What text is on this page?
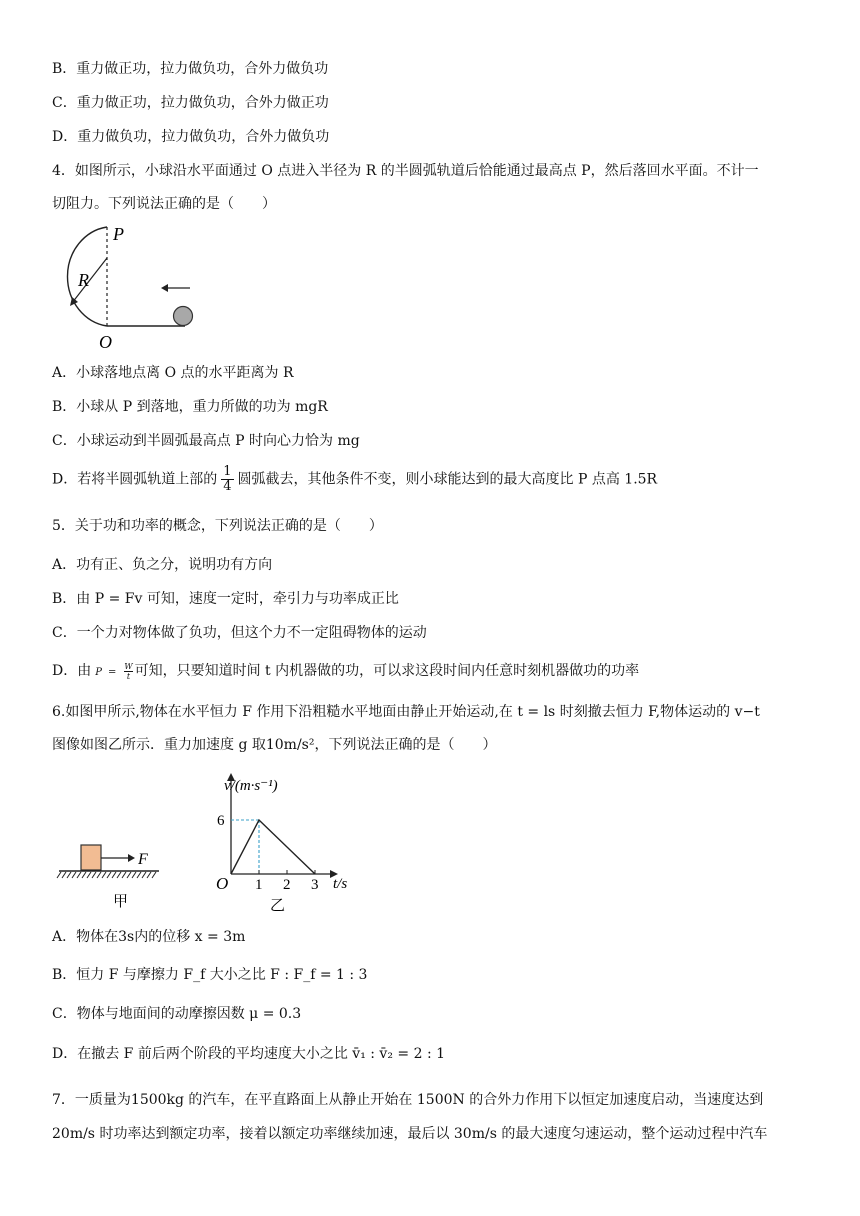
B．重力做正功，拉力做负功，合外力做负功
C．重力做正功，拉力做负功，合外力做正功
D．重力做负功，拉力做负功，合外力做负功
4．如图所示，小球沿水平面通过 O 点进入半径为 R 的半圆弧轨道后恰能通过最高点 P，然后落回水平面。不计一
切阻力。下列说法正确的是（　　）
P
R
O
A．小球落地点离 O 点的水平距离为 R
B．小球从 P 到落地，重力所做的功为 mgR
C．小球运动到半圆弧最高点 P 时向心力恰为 mg
D．若将半圆弧轨道上部的 $\frac{1}{4}$ 圆弧截去，其他条件不变，则小球能达到的最大高度比 P 点高 1.5R
5．关于功和功率的概念，下列说法正确的是（　　）
A．功有正、负之分，说明功有方向
B．由 P = Fv 可知，速度一定时，牵引力与功率成正比
C．一个力对物体做了负功，但这个力不一定阻碍物体的运动
D．由 $P = \frac{W}{t}$ 可知，只要知道时间 t 内机器做的功，可以求这段时间内任意时刻机器做功的功率
6.如图甲所示,物体在水平恒力 F 作用下沿粗糙水平地面由静止开始运动,在 t = ls 时刻撤去恒力 F,物体运动的 v−t
图像如图乙所示．重力加速度 g 取10m/s²，下列说法正确的是（　　）
F
甲
v/(m·s⁻¹)
t/s
O 1 2 3
6
乙
A．物体在3s内的位移 x = 3m
B．恒力 F 与摩擦力 F_f 大小之比 F : F_f = 1 : 3
C．物体与地面间的动摩擦因数 μ = 0.3
D．在撤去 F 前后两个阶段的平均速度大小之比 v̄₁ : v̄₂ = 2 : 1
7．一质量为1500kg 的汽车，在平直路面上从静止开始在 1500N 的合外力作用下以恒定加速度启动，当速度达到
20m/s 时功率达到额定功率，接着以额定功率继续加速，最后以 30m/s 的最大速度匀速运动，整个运动过程中汽车
